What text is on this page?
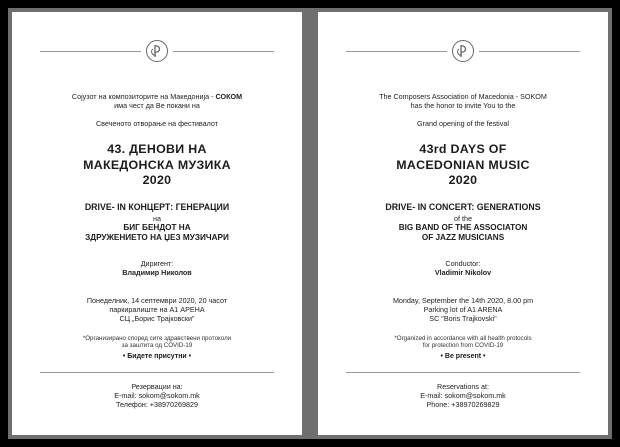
Сојузот на композиторите на Македонија - СОКОМ
има чест да Ве покани на
Свеченото отворање на фестивалот
43. ДЕНОВИ НА
МАКЕДОНСКА МУЗИКА
2020
DRIVE- IN КОНЦЕРТ: ГЕНЕРАЦИИ
на
БИГ БЕНДОТ НА
ЗДРУЖЕНИЕТО НА ЏЕЗ МУЗИЧАРИ
Диригент:
Владимир Николов
Понеделник, 14 септември 2020, 20 часот
паркиралиште на А1 АРЕНА
СЦ „Борис Трајковски”
*Организирано според сите здравствени протоколи
за заштита од COVID-19
• Бидете присутни •
Резервации на:
E-mail: sokom@sokom.mk
Телефон: +38970269829
The Composers Association of Macedonia - SOKOM
has the honor to invite You to the
Grand opening of the festival
43rd DAYS OF
MACEDONIAN MUSIC
2020
DRIVE- IN CONCERT: GENERATIONS
of the
BIG BAND OF THE ASSOCIATON
OF JAZZ MUSICIANS
Conductor:
Vladimir Nikolov
Monday, September the 14th 2020, 8.00 pm
Parking lot of A1 ARENA
SC "Boris Trajkovski"
*Organized in accordance with all health protocols
for protection from COVID-19
• Be present •
Reservations at:
E-mail: sokom@sokom.mk
Phone: +38970269829
